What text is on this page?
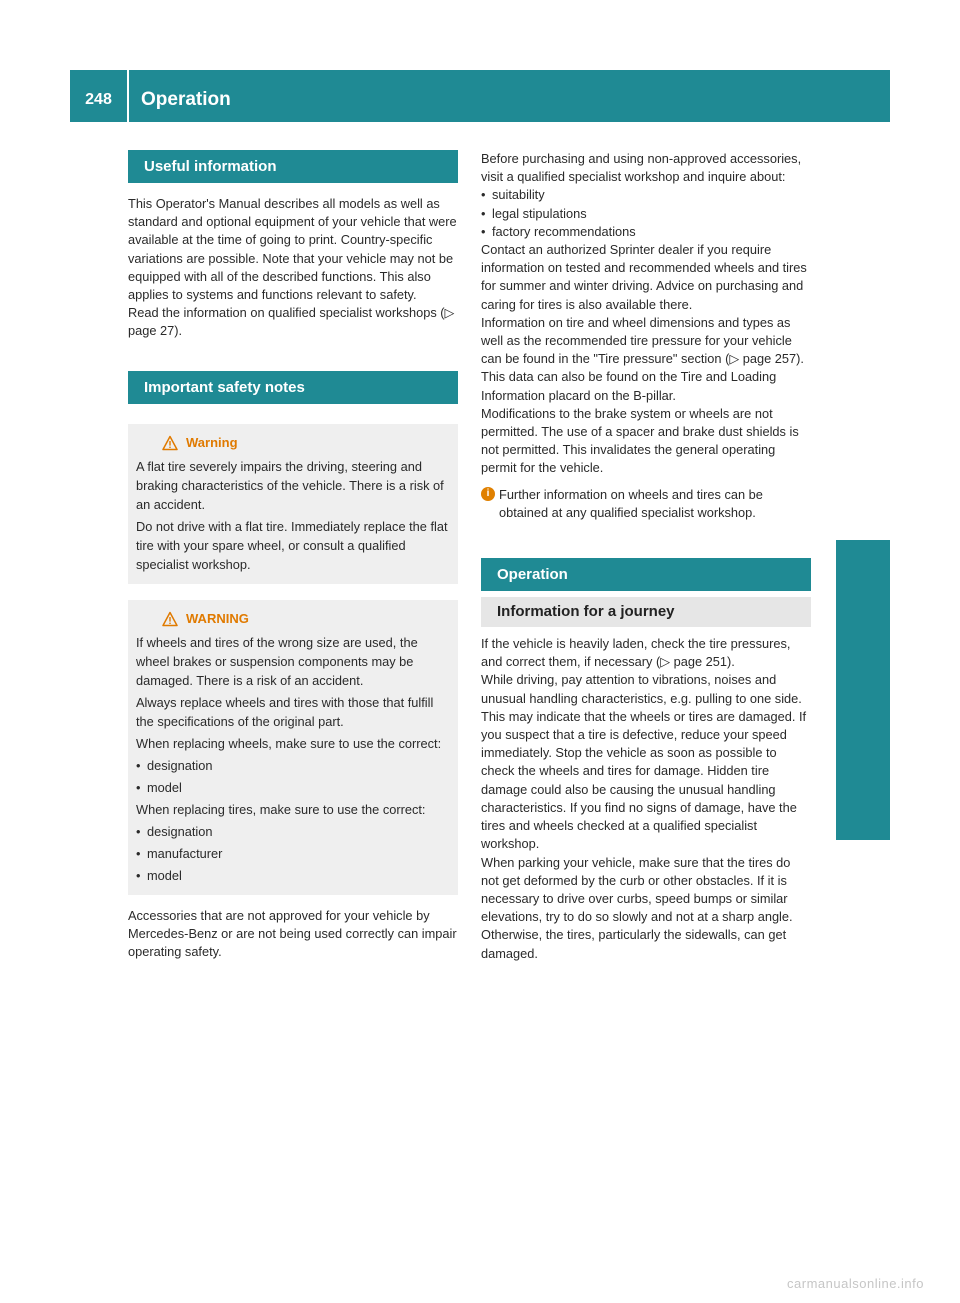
248	Operation
Wheels and tires
Useful information

This Operator's Manual describes all models as well as standard and optional equipment of your vehicle that were available at the time of going to print. Country-specific variations are possible. Note that your vehicle may not be equipped with all of the described functions. This also applies to systems and functions relevant to safety.

Read the information on qualified specialist workshops (▷ page 27).

Important safety notes
Warning

A flat tire severely impairs the driving, steering and braking characteristics of the vehicle. There is a risk of an accident.

Do not drive with a flat tire. Immediately replace the flat tire with your spare wheel, or consult a qualified specialist workshop.

WARNING

If wheels and tires of the wrong size are used, the wheel brakes or suspension components may be damaged. There is a risk of an accident.

Always replace wheels and tires with those that fulfill the specifications of the original part.

When replacing wheels, make sure to use the correct:

• designation

• model

When replacing tires, make sure to use the correct:

• designation

• manufacturer

• model

Accessories that are not approved for your vehicle by Mercedes-Benz or are not being used correctly can impair operating safety.

Before purchasing and using non-approved accessories, visit a qualified specialist workshop and inquire about:

• suitability

• legal stipulations

• factory recommendations

Contact an authorized Sprinter dealer if you require information on tested and recommended wheels and tires for summer and winter driving. Advice on purchasing and caring for tires is also available there.

Information on tire and wheel dimensions and types as well as the recommended tire pressure for your vehicle can be found in the "Tire pressure" section (▷ page 257).

This data can also be found on the Tire and Loading Information placard on the B-pillar.

Modifications to the brake system or wheels are not permitted. The use of a spacer and brake dust shields is not permitted. This invalidates the general operating permit for the vehicle.

i Further information on wheels and tires can be obtained at any qualified specialist workshop.

Operation
Information for a journey

If the vehicle is heavily laden, check the tire pressures, and correct them, if necessary (▷ page 251).

While driving, pay attention to vibrations, noises and unusual handling characteristics, e.g. pulling to one side. This may indicate that the wheels or tires are damaged. If you suspect that a tire is defective, reduce your speed immediately. Stop the vehicle as soon as possible to check the wheels and tires for damage. Hidden tire damage could also be causing the unusual handling characteristics. If you find no signs of damage, have the tires and wheels checked at a qualified specialist workshop.

When parking your vehicle, make sure that the tires do not get deformed by the curb or other obstacles. If it is necessary to drive over curbs, speed bumps or similar elevations, try to do so slowly and not at a sharp angle. Otherwise, the tires, particularly the sidewalls, can get damaged.

carmanualsonline.info
